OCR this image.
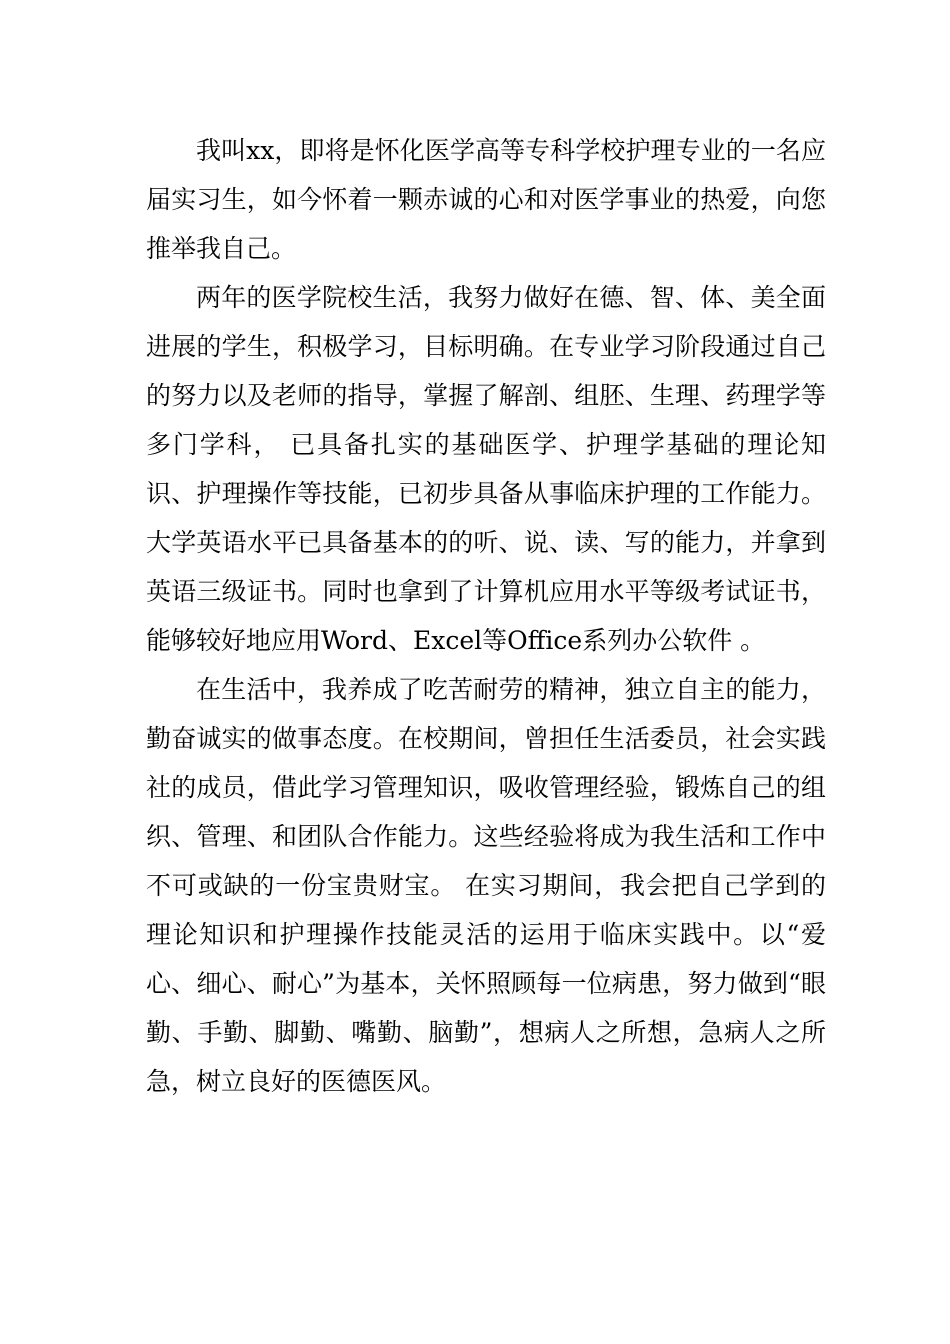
我叫xx，即将是怀化医学高等专科学校护理专业的一名应届实习生，如今怀着一颗赤诚的心和对医学事业的热爱，向您推举我自己。

两年的医学院校生活，我努力做好在德、智、体、美全面进展的学生，积极学习，目标明确。在专业学习阶段通过自己的努力以及老师的指导，掌握了解剖、组胚、生理、药理学等多门学科， 已具备扎实的基础医学、护理学基础的理论知识、护理操作等技能，已初步具备从事临床护理的工作能力。 大学英语水平已具备基本的的听、说、读、写的能力，并拿到英语三级证书。同时也拿到了计算机应用水平等级考试证书，能够较好地应用Word、Excel等Office系列办公软件 。

在生活中，我养成了吃苦耐劳的精神，独立自主的能力，勤奋诚实的做事态度。在校期间，曾担任生活委员，社会实践社的成员，借此学习管理知识，吸收管理经验，锻炼自己的组织、管理、和团队合作能力。这些经验将成为我生活和工作中不可或缺的一份宝贵财宝。 在实习期间，我会把自己学到的理论知识和护理操作技能灵活的运用于临床实践中。以“爱心、细心、耐心”为基本，关怀照顾每一位病患，努力做到“眼勤、手勤、脚勤、嘴勤、脑勤”，想病人之所想，急病人之所急，树立良好的医德医风。
